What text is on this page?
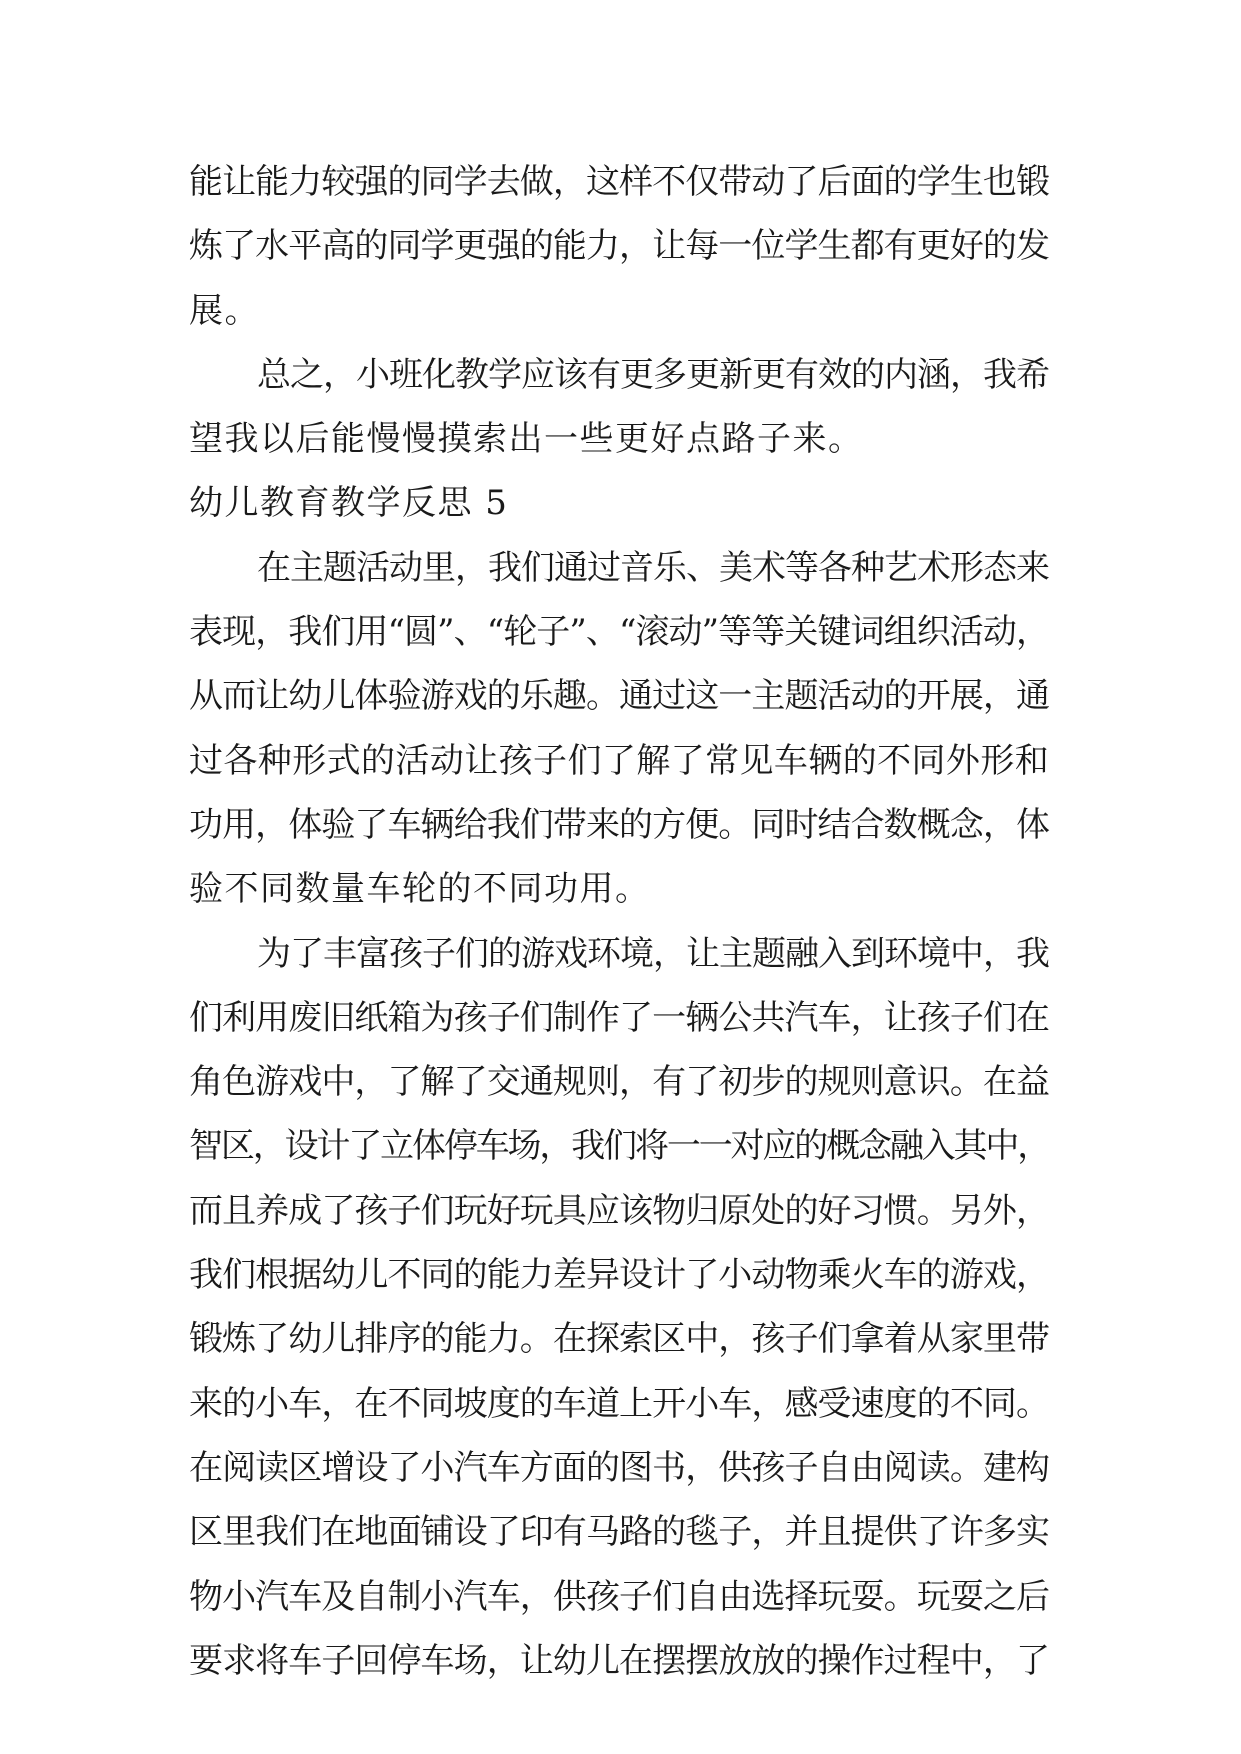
能让能力较强的同学去做，这样不仅带动了后面的学生也锻
炼了水平高的同学更强的能力，让每一位学生都有更好的发
展。
总之，小班化教学应该有更多更新更有效的内涵，我希
望我以后能慢慢摸索出一些更好点路子来。
幼儿教育教学反思 5
在主题活动里，我们通过音乐、美术等各种艺术形态来
表现，我们用“圆”、“轮子”、“滚动”等等关键词组织活动，
从而让幼儿体验游戏的乐趣。通过这一主题活动的开展，通
过各种形式的活动让孩子们了解了常见车辆的不同外形和
功用，体验了车辆给我们带来的方便。同时结合数概念，体
验不同数量车轮的不同功用。
为了丰富孩子们的游戏环境，让主题融入到环境中，我
们利用废旧纸箱为孩子们制作了一辆公共汽车，让孩子们在
角色游戏中，了解了交通规则，有了初步的规则意识。在益
智区，设计了立体停车场，我们将一一对应的概念融入其中，
而且养成了孩子们玩好玩具应该物归原处的好习惯。另外，
我们根据幼儿不同的能力差异设计了小动物乘火车的游戏，
锻炼了幼儿排序的能力。在探索区中，孩子们拿着从家里带
来的小车，在不同坡度的车道上开小车，感受速度的不同。
在阅读区增设了小汽车方面的图书，供孩子自由阅读。建构
区里我们在地面铺设了印有马路的毯子，并且提供了许多实
物小汽车及自制小汽车，供孩子们自由选择玩耍。玩耍之后
要求将车子回停车场，让幼儿在摆摆放放的操作过程中，了
